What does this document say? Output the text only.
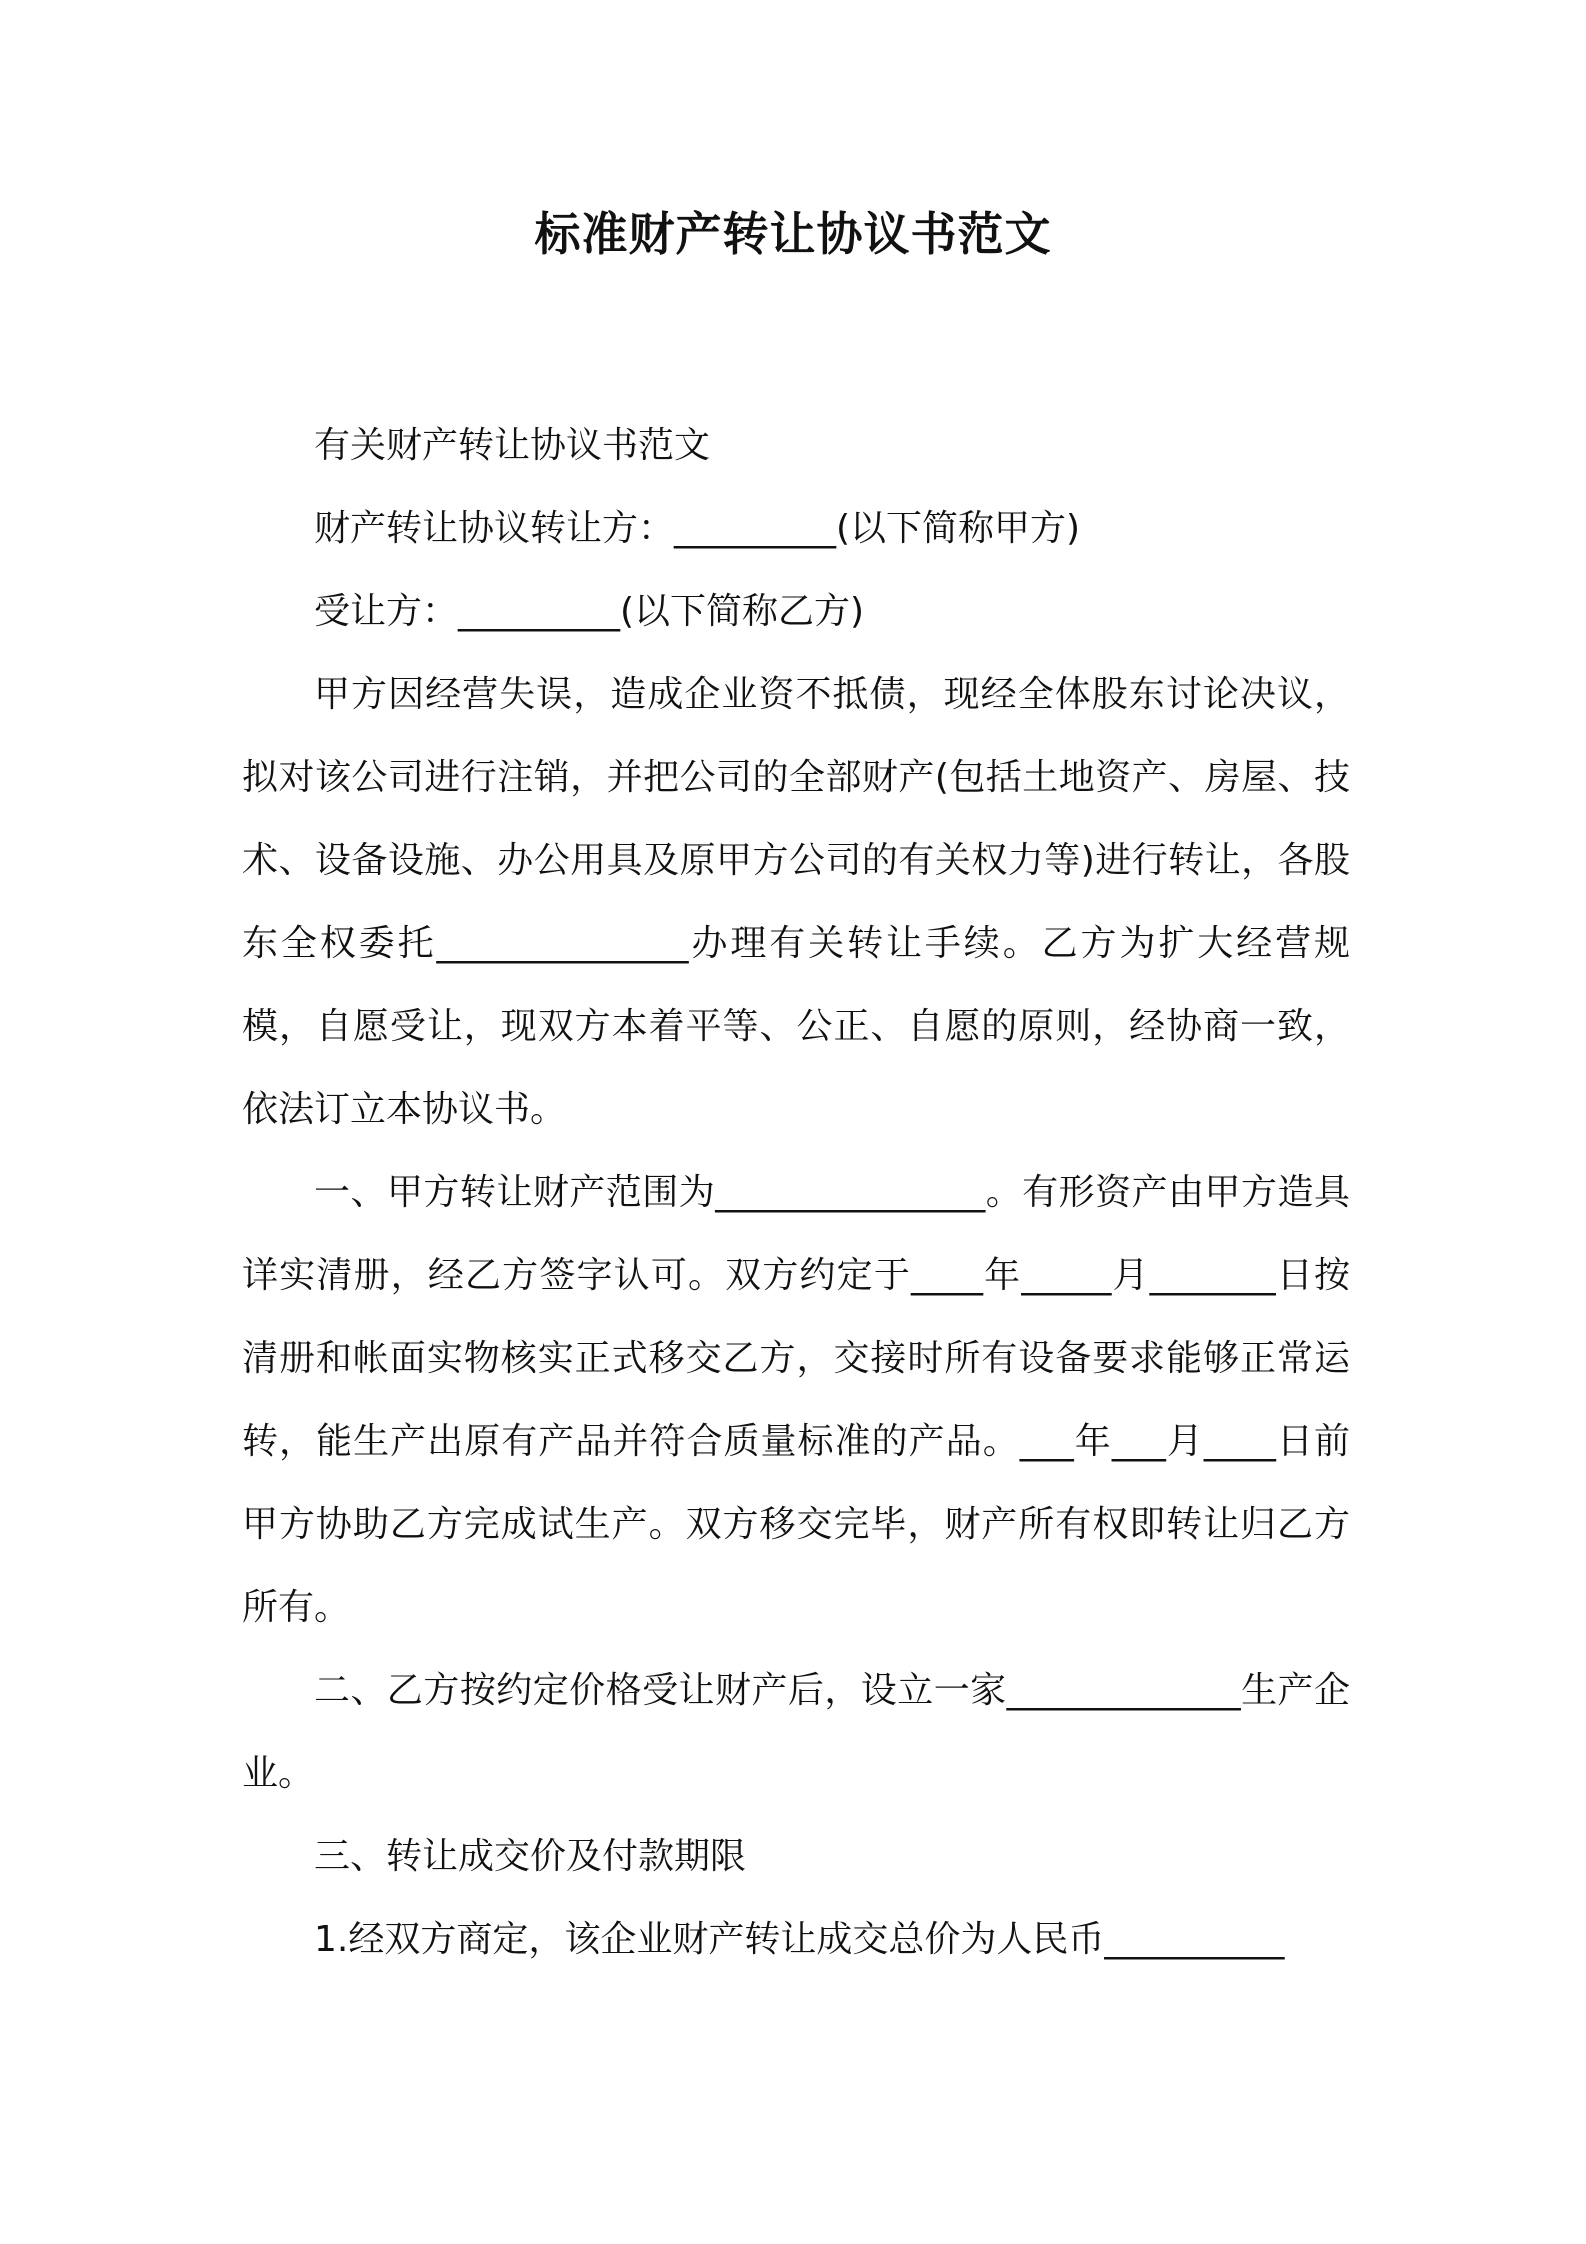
标准财产转让协议书范文

有关财产转让协议书范文

财产转让协议转让方：_________(以下简称甲方)

受让方：_________(以下简称乙方)

甲方因经营失误，造成企业资不抵债，现经全体股东讨论决议，拟对该公司进行注销，并把公司的全部财产(包括土地资产、房屋、技术、设备设施、办公用具及原甲方公司的有关权力等)进行转让，各股东全权委托______________办理有关转让手续。乙方为扩大经营规模，自愿受让，现双方本着平等、公正、自愿的原则，经协商一致，依法订立本协议书。

一、甲方转让财产范围为_______________。有形资产由甲方造具详实清册，经乙方签字认可。双方约定于____年_____月_______日按清册和帐面实物核实正式移交乙方，交接时所有设备要求能够正常运转，能生产出原有产品并符合质量标准的产品。___年___月____日前甲方协助乙方完成试生产。双方移交完毕，财产所有权即转让归乙方所有。

二、乙方按约定价格受让财产后，设立一家_____________生产企业。

三、转让成交价及付款期限

1.经双方商定，该企业财产转让成交总价为人民币__________
